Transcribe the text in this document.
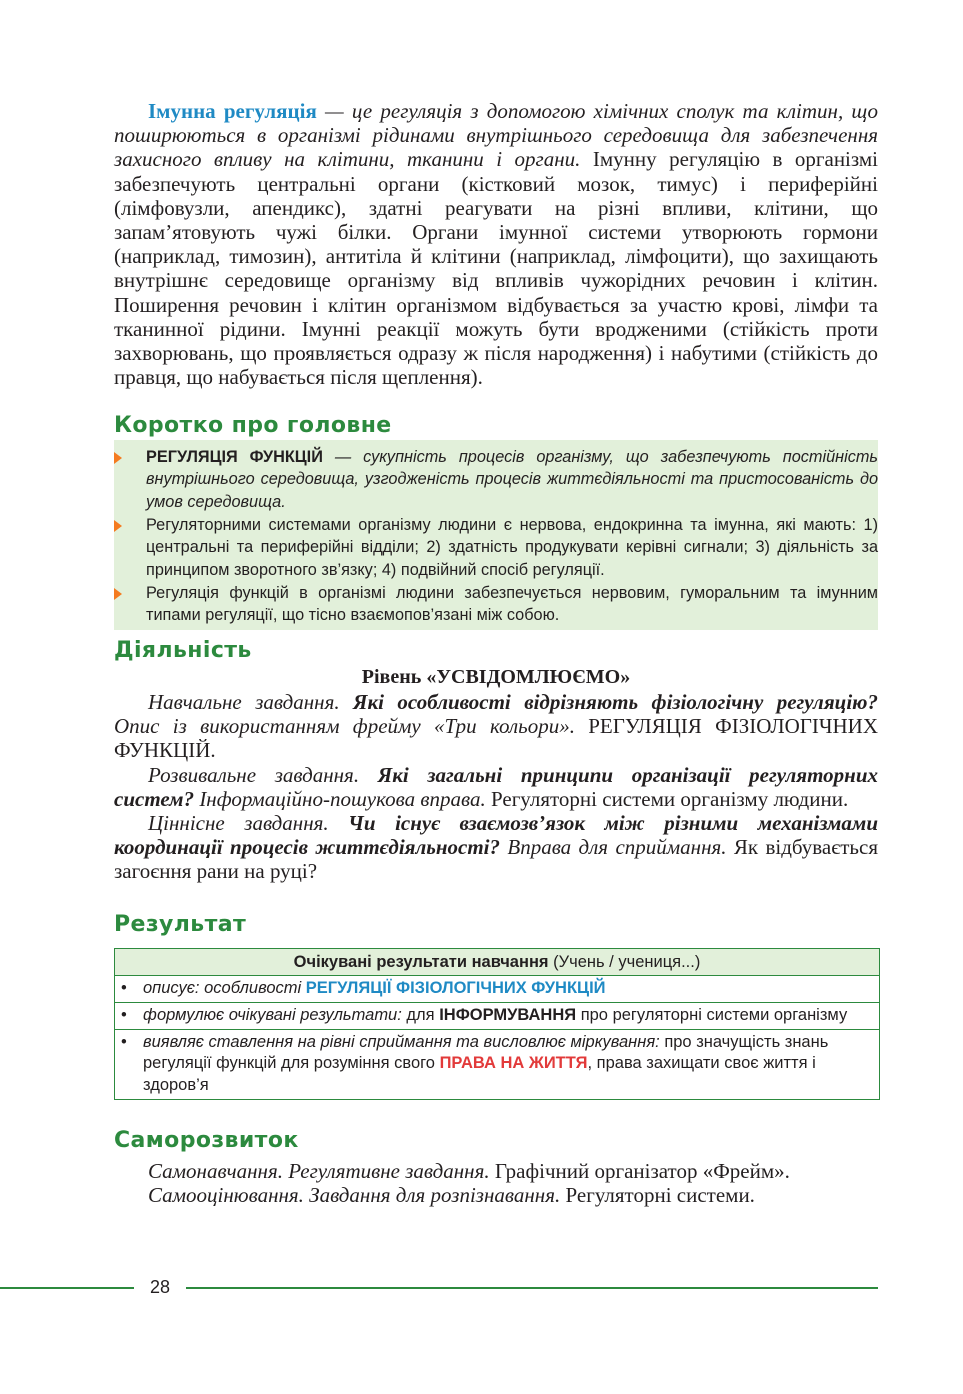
Імунна регуляція — це регуляція з допомогою хімічних сполук та клітин, що поширюються в організмі рідинами внутрішнього середовища для забезпечення захисного впливу на клітини, тканини і органи. Імунну регуляцію в організмі забезпечують центральні органи (кістковий мозок, тимус) і периферійні (лімфовузли, апендикс), здатні реагувати на різні впливи, клітини, що запам’ятовують чужі білки. Органи імунної системи утворюють гормони (наприклад, тимозин), антитіла й клітини (наприклад, лімфоцити), що захищають внутрішнє середовище організму від впливів чужорідних речовин і клітин. Поширення речовин і клітин організмом відбувається за участю крові, лімфи та тканинної рідини. Імунні реакції можуть бути вродженими (стійкість проти захворювань, що проявляється одразу ж після народження) і набутими (стійкість до правця, що набувається після щеплення).

Коротко про головне
РЕГУЛЯЦІЯ ФУНКЦІЙ — сукупність процесів організму, що забезпечують постійність внутрішнього середовища, узгодженість процесів життєдіяльності та пристосованість до умов середовища.
Регуляторними системами організму людини є нервова, ендокринна та імунна, які мають: 1) центральні та периферійні відділи; 2) здатність продукувати керівні сигнали; 3) діяльність за принципом зворотного зв’язку; 4) подвійний спосіб регуляції.
Регуляція функцій в організмі людини забезпечується нервовим, гуморальним та імунним типами регуляції, що тісно взаємопов’язані між собою.
Діяльність
Рівень «УСВІДОМЛЮЄМО»

Навчальне завдання. Які особливості відрізняють фізіологічну регуляцію? Опис із використанням фрейму «Три кольори». РЕГУЛЯЦІЯ ФІЗІОЛОГІЧНИХ ФУНКЦІЙ.

Розвивальне завдання. Які загальні принципи організації регуляторних систем? Інформаційно-пошукова вправа. Регуляторні системи організму людини.

Ціннісне завдання. Чи існує взаємозв’язок між різними механізмами координації процесів життєдіяльності? Вправа для сприймання. Як відбувається загоєння рани на руці?

Результат
Очікувані результати навчання (Учень / учениця...)
• описує: особливості РЕГУЛЯЦІЇ ФІЗІОЛОГІЧНИХ ФУНКЦІЙ
• формулює очікувані результати: для ІНФОРМУВАННЯ про регуляторні системи організму
• виявляє ставлення на рівні сприймання та висловлює міркування: про значущість знань регуляції функцій для розуміння свого ПРАВА НА ЖИТТЯ, права захищати своє життя і здоров’я
Саморозвиток

Самонавчання. Регулятивне завдання. Графічний організатор «Фрейм».

Самооцінювання. Завдання для розпізнавання. Регуляторні системи.

28
